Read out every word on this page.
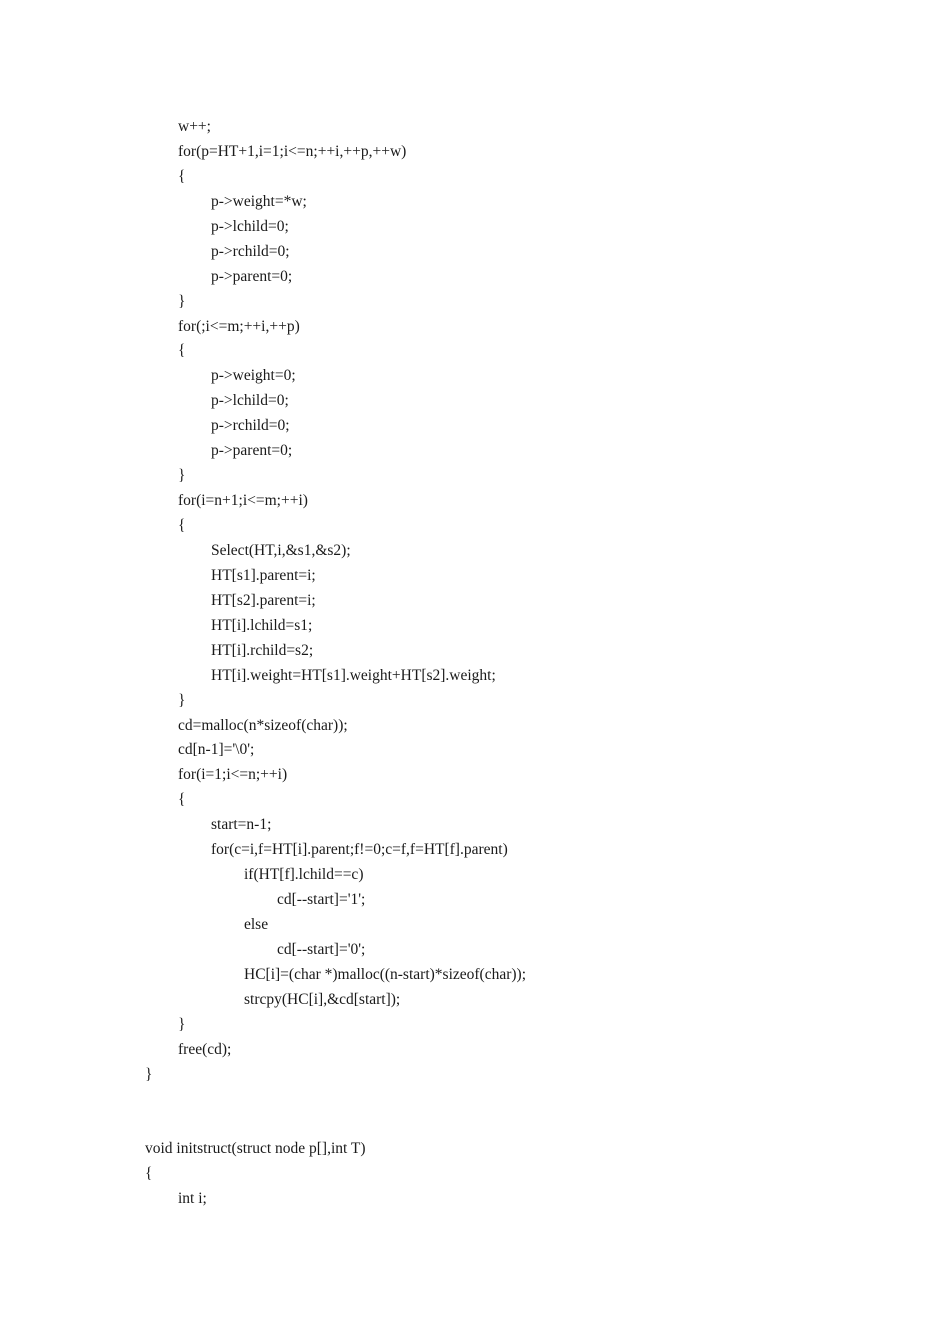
w++;
for(p=HT+1,i=1;i<=n;++i,++p,++w)
{
p->weight=*w;
p->lchild=0;
p->rchild=0;
p->parent=0;
}
for(;i<=m;++i,++p)
{
p->weight=0;
p->lchild=0;
p->rchild=0;
p->parent=0;
}
for(i=n+1;i<=m;++i)
{
Select(HT,i,&s1,&s2);
HT[s1].parent=i;
HT[s2].parent=i;
HT[i].lchild=s1;
HT[i].rchild=s2;
HT[i].weight=HT[s1].weight+HT[s2].weight;
}
cd=malloc(n*sizeof(char));
cd[n-1]='\0';
for(i=1;i<=n;++i)
{
start=n-1;
for(c=i,f=HT[i].parent;f!=0;c=f,f=HT[f].parent)
if(HT[f].lchild==c)
cd[--start]='1';
else
cd[--start]='0';
HC[i]=(char *)malloc((n-start)*sizeof(char));
strcpy(HC[i],&cd[start]);
}
free(cd);
}
void initstruct(struct node p[],int T)
{
int i;
